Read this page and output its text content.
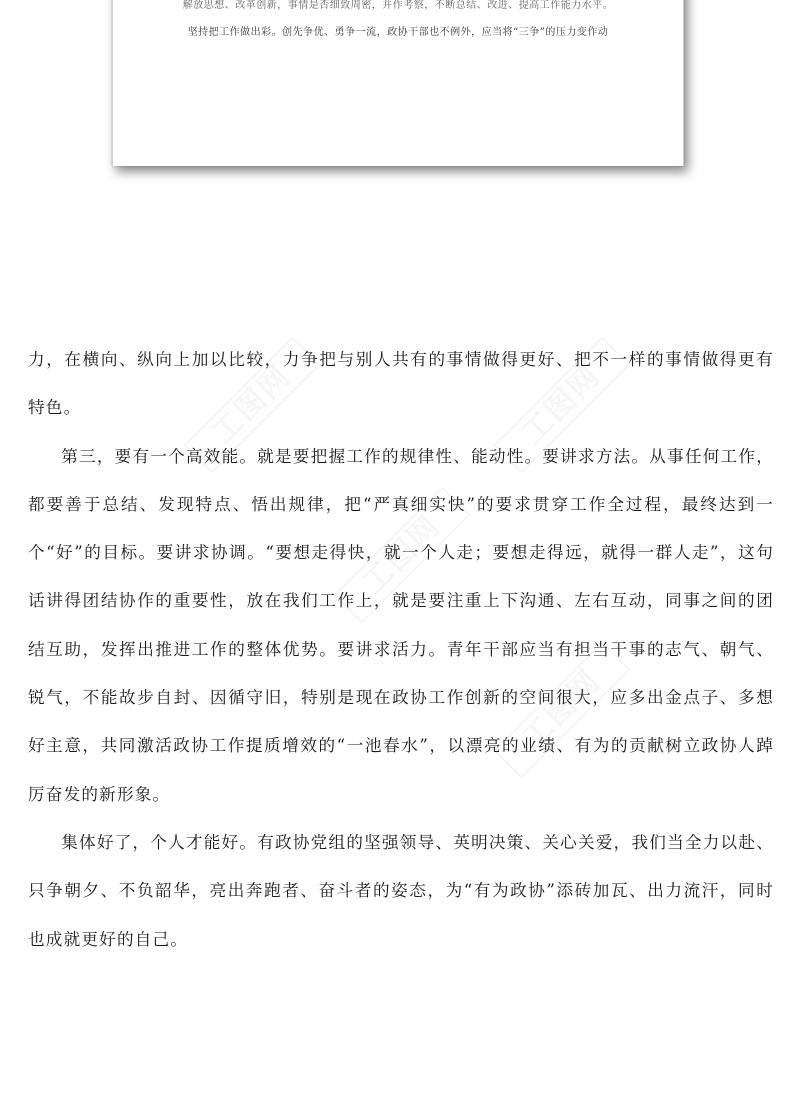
解放思想、改革创新，事情是否细致周密，并作考察，不断总结、改进、提高工作能力水平。
坚持把工作做出彩。创先争优、勇争一流，政协干部也不例外，应当将“三争”的压力变作动
工图网	工图网
工图网
工图网

力，在横向、纵向上加以比较，力争把与别人共有的事情做得更好、把不一样的事情做得更有特色。

第三，要有一个高效能。就是要把握工作的规律性、能动性。要讲求方法。从事任何工作，都要善于总结、发现特点、悟出规律，把“严真细实快”的要求贯穿工作全过程，最终达到一个“好”的目标。要讲求协调。“要想走得快，就一个人走；要想走得远，就得一群人走”，这句话讲得团结协作的重要性，放在我们工作上，就是要注重上下沟通、左右互动，同事之间的团结互助，发挥出推进工作的整体优势。要讲求活力。青年干部应当有担当干事的志气、朝气、锐气，不能故步自封、因循守旧，特别是现在政协工作创新的空间很大，应多出金点子、多想好主意，共同激活政协工作提质增效的“一池春水”，以漂亮的业绩、有为的贡献树立政协人踔厉奋发的新形象。

集体好了，个人才能好。有政协党组的坚强领导、英明决策、关心关爱，我们当全力以赴、只争朝夕、不负韶华，亮出奔跑者、奋斗者的姿态，为“有为政协”添砖加瓦、出力流汗，同时也成就更好的自己。
